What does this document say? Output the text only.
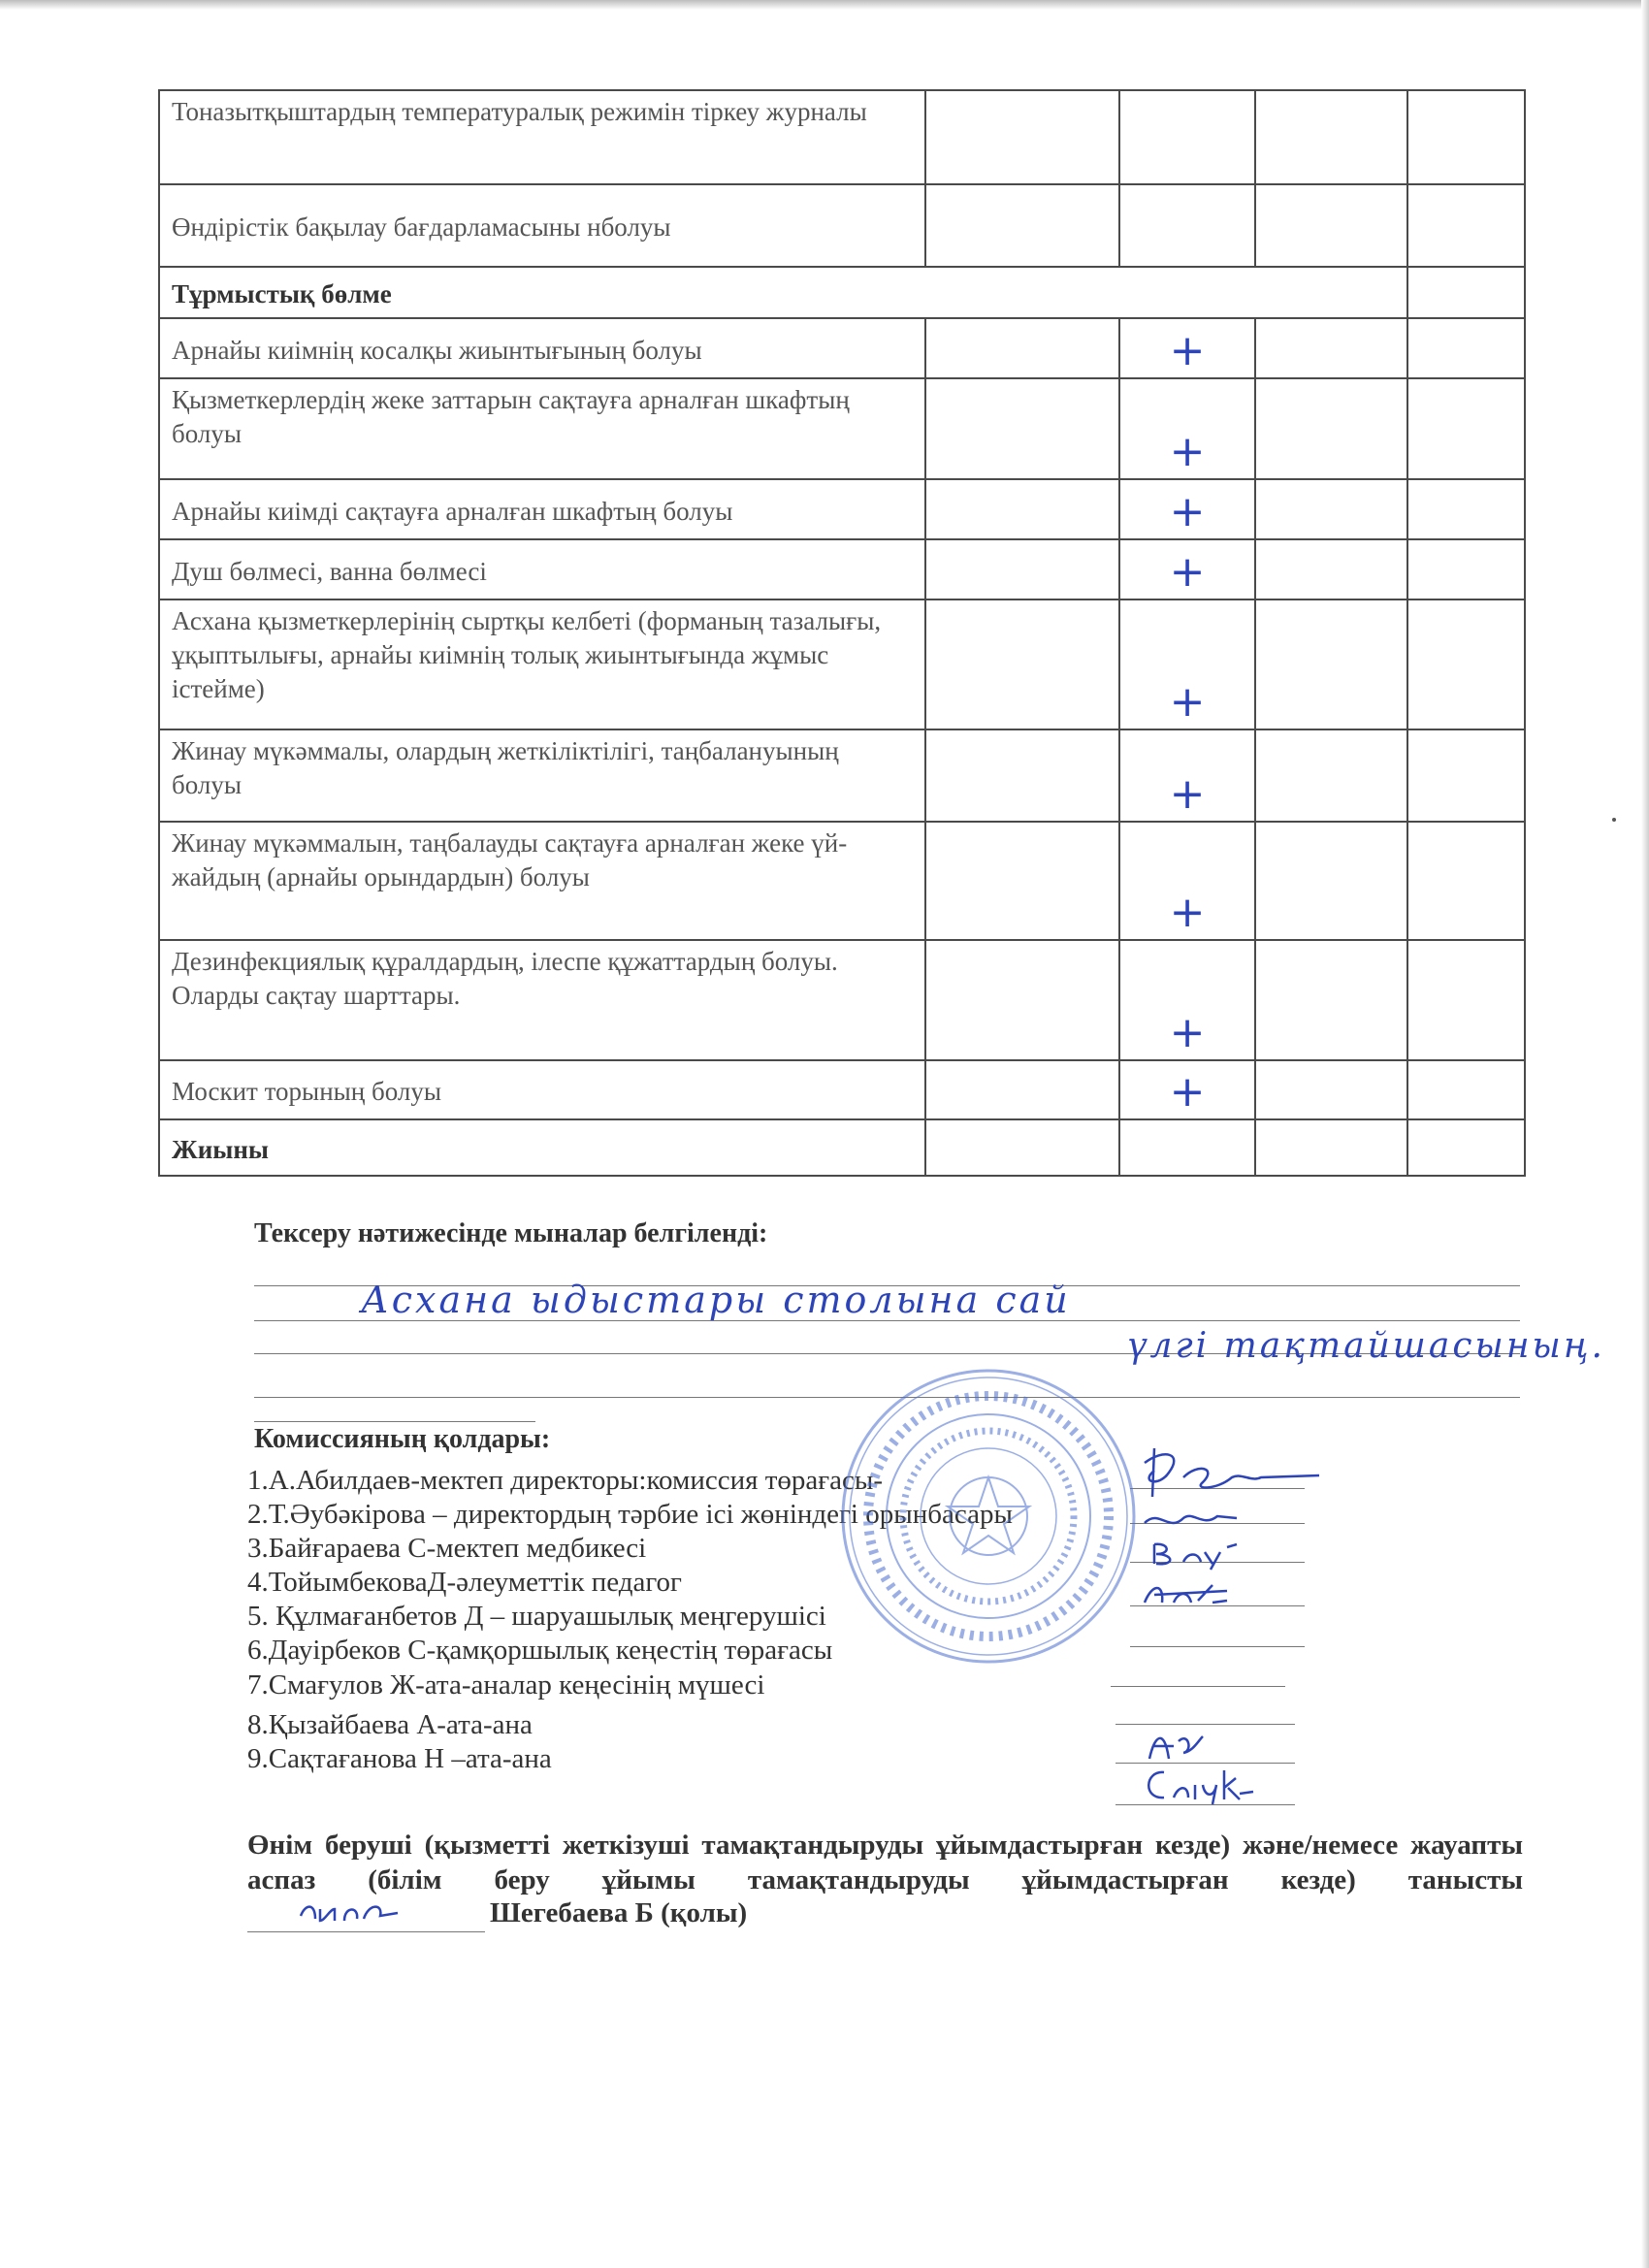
Тоназытқыштардың температуралық режимін тіркеу журналы				
Өндірістік бақылау бағдарламасыны нболуы				
Тұрмыстық бөлме				
Арнайы киімнің косалқы жиынтығының болуы		+		
Қызметкерлердің жеке заттарын сақтауға арналған шкафтың болуы		+		
Арнайы киімді сақтауға арналған шкафтың болуы		+		
Душ бөлмесі, ванна бөлмесі		+		
Асхана қызметкерлерінің сыртқы келбеті (форманың тазалығы, ұқыптылығы, арнайы киімнің толық жиынтығында жұмыс істейме)		+		
Жинау мүкәммалы, олардың жеткіліктілігі, таңбалануының болуы		+		
Жинау мүкәммалын, таңбалауды сақтауға арналған жеке үй-жайдың (арнайы орындардын) болуы		+		
Дезинфекциялық құралдардың, ілеспе құжаттардың болуы. Оларды сақтау шарттары.		+		
Москит торының болуы		+		
Жиыны				
Тексеру нәтижесінде мыналар белгіленді:
Асхана ыдыстары столына сай
үлгі тақтайшасының.
Комиссияның қолдары:
1.А.Абилдаев-мектеп директоры:комиссия төрағасы-
2.Т.Әубәкірова – директордың тәрбие ісі жөніндегі орынбасары
3.Байғараева С-мектеп медбикесі
4.ТойымбековаД-әлеуметтік педагог
5. Құлмағанбетов Д – шаруашылық меңгерушісі
6.Дауірбеков С-қамқоршылық кеңестің төрағасы
7.Смағулов Ж-ата-аналар кеңесінің мүшесі
8.Қызайбаева А-ата-ана
9.Сақтағанова Н –ата-ана
Өнім беруші (қызметті жеткізуші тамақтандыруды ұйымдастырған кезде) және/немесе жауапты аспаз (білім беру ұйымы тамақтандыруды ұйымдастырған кезде) танысты
Шегебаева Б (қолы)
